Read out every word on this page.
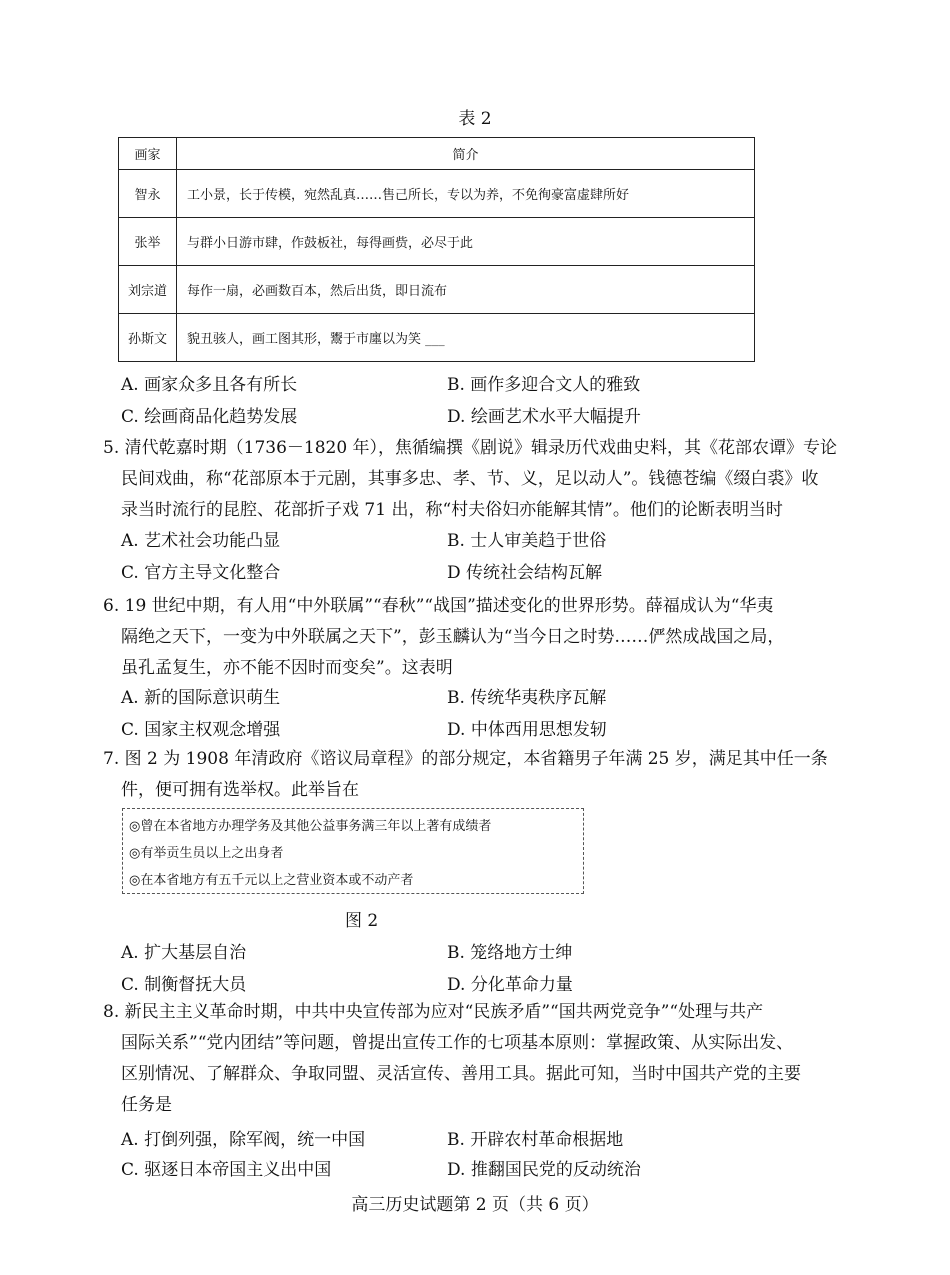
表 2
画家	简介
智永	工小景，长于传模，宛然乱真……售己所长，专以为养，不免徇豪富虚肆所好
张举	与群小日游市肆，作鼓板社，每得画赀，必尽于此
刘宗道	每作一扇，必画数百本，然后出货，即日流布
孙斯文	貌丑骇人，画工图其形，鬻于市廛以为笑 ___
A. 画家众多且各有所长	B. 画作多迎合文人的雅致
C. 绘画商品化趋势发展	D. 绘画艺术水平大幅提升
5. 清代乾嘉时期（1736－1820 年），焦循编撰《剧说》辑录历代戏曲史料，其《花部农谭》专论
民间戏曲，称“花部原本于元剧，其事多忠、孝、节、义，足以动人”。钱德苍编《缀白裘》收
录当时流行的昆腔、花部折子戏 71 出，称“村夫俗妇亦能解其情”。他们的论断表明当时
A. 艺术社会功能凸显	B. 士人审美趋于世俗
C. 官方主导文化整合	D 传统社会结构瓦解
6. 19 世纪中期，有人用“中外联属”“春秋”“战国”描述变化的世界形势。薛福成认为“华夷
隔绝之天下，一变为中外联属之天下”，彭玉麟认为“当今日之时势……俨然成战国之局，
虽孔孟复生，亦不能不因时而变矣”。这表明
A. 新的国际意识萌生	B. 传统华夷秩序瓦解
C. 国家主权观念增强	D. 中体西用思想发轫
7. 图 2 为 1908 年清政府《谘议局章程》的部分规定，本省籍男子年满 25 岁，满足其中任一条
件，便可拥有选举权。此举旨在
◎曾在本省地方办理学务及其他公益事务满三年以上著有成绩者
◎有举贡生员以上之出身者
◎在本省地方有五千元以上之营业资本或不动产者
图 2
A. 扩大基层自治	B. 笼络地方士绅
C. 制衡督抚大员	D. 分化革命力量
8. 新民主主义革命时期，中共中央宣传部为应对“民族矛盾”“国共两党竞争”“处理与共产
国际关系”“党内团结”等问题，曾提出宣传工作的七项基本原则：掌握政策、从实际出发、
区别情况、了解群众、争取同盟、灵活宣传、善用工具。据此可知，当时中国共产党的主要
任务是
A. 打倒列强，除军阀，统一中国	B. 开辟农村革命根据地
C. 驱逐日本帝国主义出中国	D. 推翻国民党的反动统治
高三历史试题第 2 页（共 6 页）
